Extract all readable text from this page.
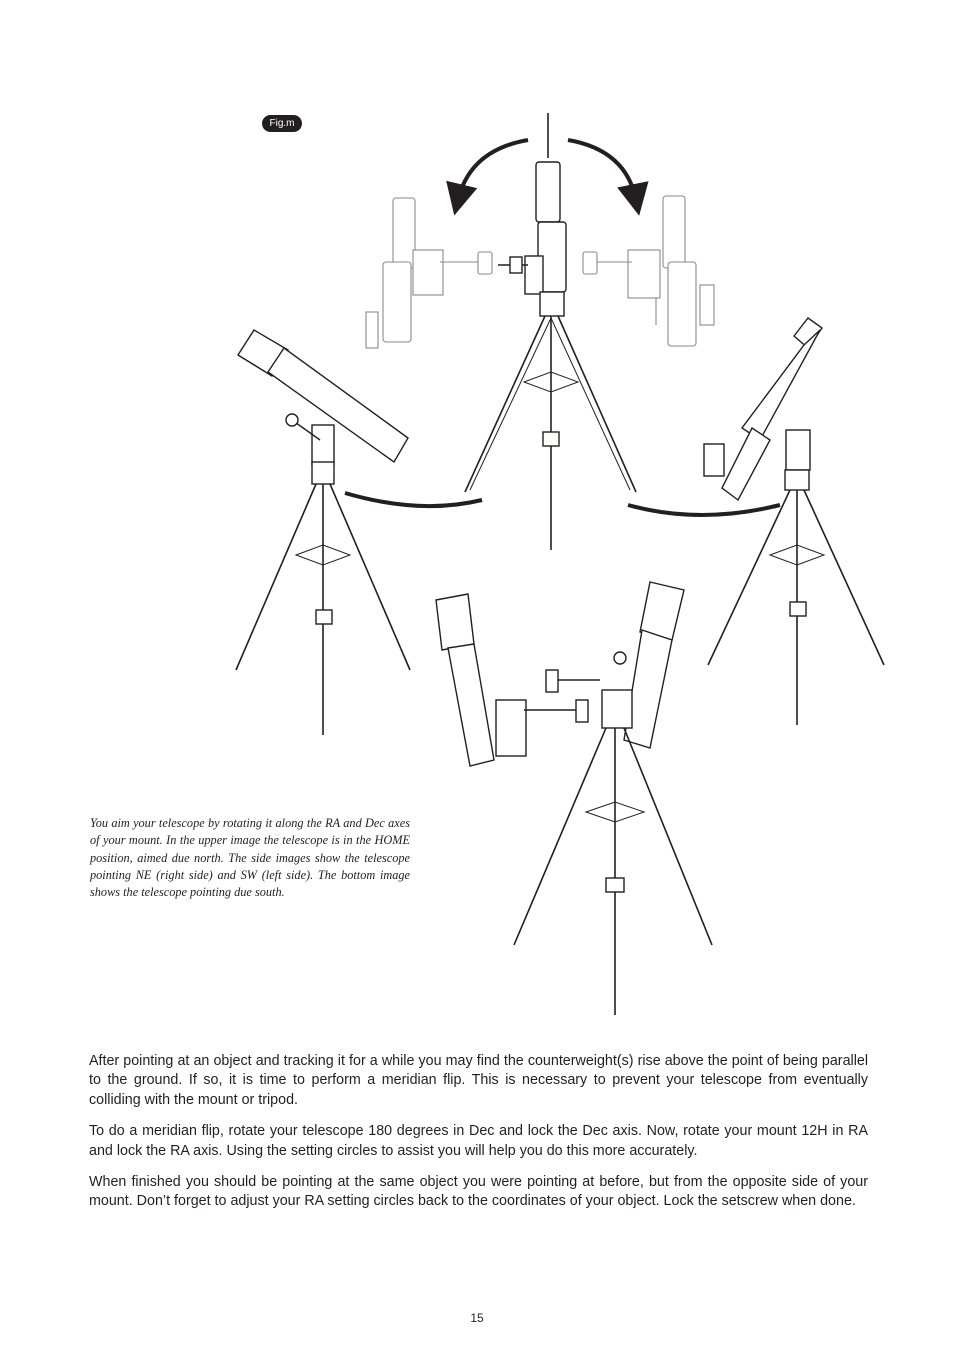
Fig.m

You aim your telescope by rotating it along the RA and Dec axes of your mount. In the upper image the telescope is in the HOME position, aimed due north. The side images show the telescope pointing NE (right side) and SW (left side). The bottom image shows the telescope pointing due south.

After pointing at an object and tracking it for a while you may find the counterweight(s) rise above the point of being parallel to the ground. If so, it is time to perform a meridian flip. This is necessary to prevent your telescope from eventually colliding with the mount or tripod.

To do a meridian flip, rotate your telescope 180 degrees in Dec and lock the Dec axis. Now, rotate your mount 12H in RA and lock the RA axis. Using the setting circles to assist you will help you do this more accurately.

When finished you should be pointing at the same object you were pointing at before, but from the opposite side of your mount. Don’t forget to adjust your RA setting circles back to the coordinates of your object. Lock the setscrew when done.

15
